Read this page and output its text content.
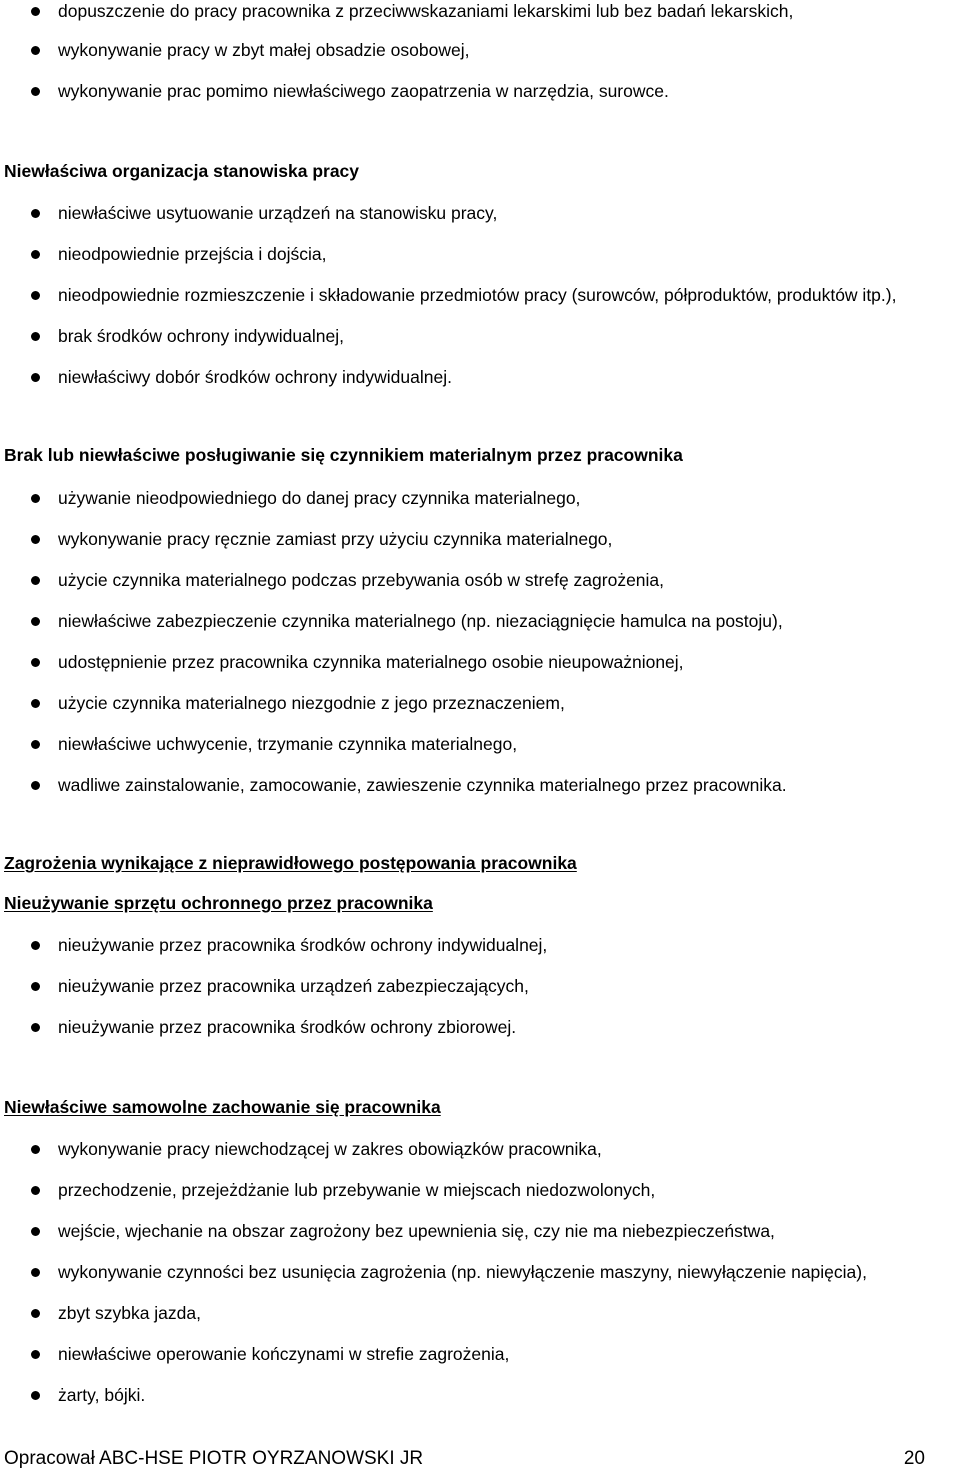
dopuszczenie do pracy pracownika z przeciwwskazaniami lekarskimi lub bez badań lekarskich,
wykonywanie pracy w zbyt małej obsadzie osobowej,
wykonywanie prac pomimo niewłaściwego zaopatrzenia w narzędzia, surowce.
Niewłaściwa organizacja stanowiska pracy
niewłaściwe usytuowanie urządzeń na stanowisku pracy,
nieodpowiednie przejścia i dojścia,
nieodpowiednie rozmieszczenie i składowanie przedmiotów pracy (surowców, półproduktów, produktów itp.),
brak środków ochrony indywidualnej,
niewłaściwy dobór środków ochrony indywidualnej.
Brak lub niewłaściwe posługiwanie się czynnikiem materialnym przez pracownika
używanie nieodpowiedniego do danej pracy czynnika materialnego,
wykonywanie pracy ręcznie zamiast przy użyciu czynnika materialnego,
użycie czynnika materialnego podczas przebywania osób w strefę zagrożenia,
niewłaściwe zabezpieczenie czynnika materialnego (np. niezaciągnięcie hamulca na postoju),
udostępnienie przez pracownika czynnika materialnego osobie nieupoważnionej,
użycie czynnika materialnego niezgodnie z jego przeznaczeniem,
niewłaściwe uchwycenie, trzymanie czynnika materialnego,
wadliwe zainstalowanie, zamocowanie, zawieszenie czynnika materialnego przez pracownika.
Zagrożenia wynikające z nieprawidłowego postępowania pracownika
Nieużywanie sprzętu ochronnego przez pracownika
nieużywanie przez pracownika środków ochrony indywidualnej,
nieużywanie przez pracownika urządzeń zabezpieczających,
nieużywanie przez pracownika środków ochrony zbiorowej.
Niewłaściwe samowolne zachowanie się pracownika
wykonywanie pracy niewchodzącej w zakres obowiązków pracownika,
przechodzenie, przejeżdżanie lub przebywanie w miejscach niedozwolonych,
wejście, wjechanie na obszar zagrożony bez upewnienia się, czy nie ma niebezpieczeństwa,
wykonywanie czynności bez usunięcia zagrożenia (np. niewyłączenie maszyny, niewyłączenie napięcia),
zbyt szybka jazda,
niewłaściwe operowanie kończynami w strefie zagrożenia,
żarty, bójki.
Opracował ABC-HSE PIOTR OYRZANOWSKI JR	20
